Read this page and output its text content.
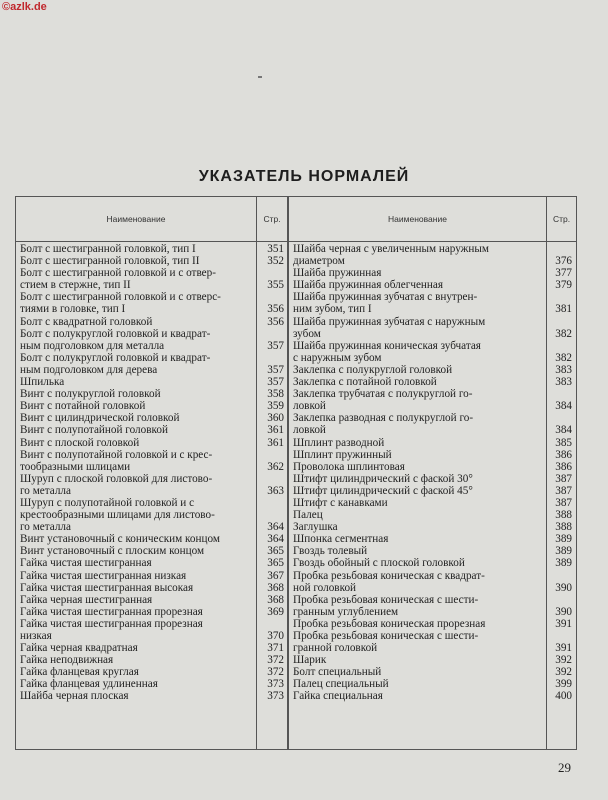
©azlk.de
УКАЗАТЕЛЬ НОРМАЛЕЙ
Наименование	Стр.	Наименование	Стр.
Болт с шестигранной головкой, тип I	351
Болт с шестигранной головкой, тип II	352
Болт с шестигранной головкой и с отвер-
стием в стержне, тип II	355
Болт с шестигранной головкой и с отверс-
тиями в головке, тип I	356
Болт с квадратной головкой	356
Болт с полукруглой головкой и квадрат-
ным подголовком для металла	357
Болт с полукруглой головкой и квадрат-
ным подголовком для дерева	357
Шпилька	357
Винт с полукруглой головкой	358
Винт с потайной головкой	359
Винт с цилиндрической головкой	360
Винт с полупотайной головкой	361
Винт с плоской головкой	361
Винт с полупотайной головкой и с крес-
тообразными шлицами	362
Шуруп с плоской головкой для листово-
го металла	363
Шуруп с полупотайной головкой и с
крестообразными шлицами для листово-
го металла	364
Винт установочный с коническим концом	364
Винт установочный с плоским концом	365
Гайка чистая шестигранная	365
Гайка чистая шестигранная низкая	367
Гайка чистая шестигранная высокая	368
Гайка черная шестигранная	368
Гайка чистая шестигранная прорезная	369
Гайка чистая шестигранная прорезная
низкая	370
Гайка черная квадратная	371
Гайка неподвижная	372
Гайка фланцевая круглая	372
Гайка фланцевая удлиненная	373
Шайба черная плоская	373
Шайба черная с увеличенным наружным
диаметром	376
Шайба пружинная	377
Шайба пружинная облегченная	379
Шайба пружинная зубчатая с внутрен-
ним зубом, тип I	381
Шайба пружинная зубчатая с наружным
зубом	382
Шайба пружинная коническая зубчатая
с наружным зубом	382
Заклепка с полукруглой головкой	383
Заклепка с потайной головкой	383
Заклепка трубчатая с полукруглой го-
ловкой	384
Заклепка разводная с полукруглой го-
ловкой	384
Шплинт разводной	385
Шплинт пружинный	386
Проволока шплинтовая	386
Штифт цилиндрический с фаской 30°	387
Штифт цилиндрический с фаской 45°	387
Штифт с канавками	387
Палец	388
Заглушка	388
Шпонка сегментная	389
Гвоздь толевый	389
Гвоздь обойный с плоской головкой	389
Пробка резьбовая коническая с квадрат-
ной головкой	390
Пробка резьбовая коническая с шести-
гранным углублением	390
Пробка резьбовая коническая прорезная	391
Пробка резьбовая коническая с шести-
гранной головкой	391
Шарик	392
Болт специальный	392
Палец специальный	399
Гайка специальная	400
29
